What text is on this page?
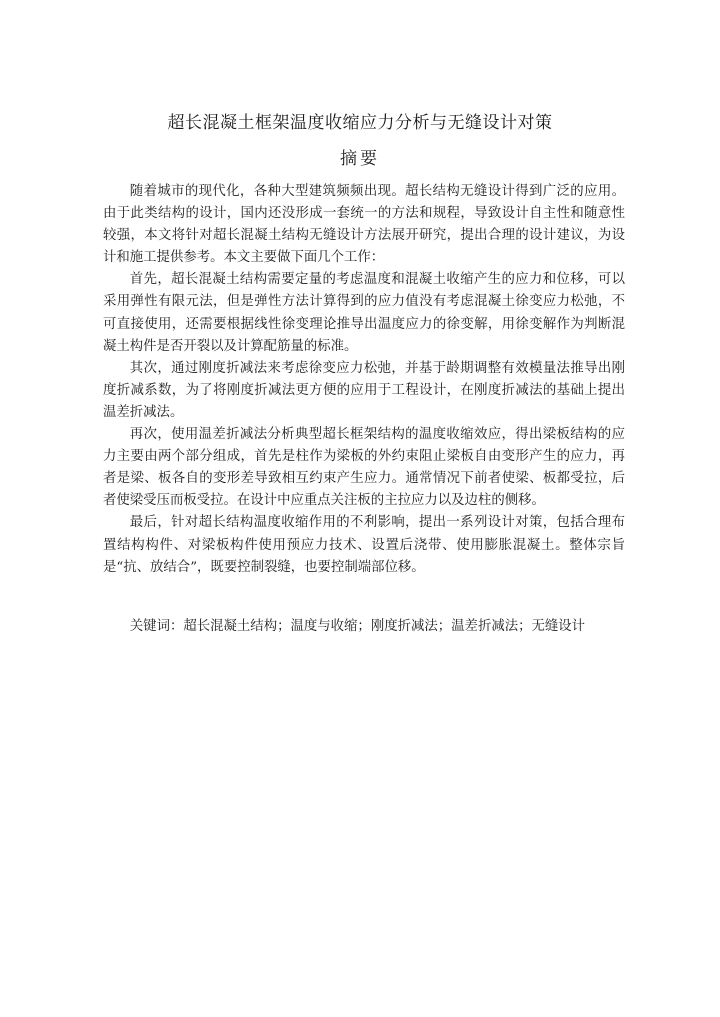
超长混凝土框架温度收缩应力分析与无缝设计对策
摘要

随着城市的现代化，各种大型建筑频频出现。超长结构无缝设计得到广泛的应用。由于此类结构的设计，国内还没形成一套统一的方法和规程，导致设计自主性和随意性较强，本文将针对超长混凝土结构无缝设计方法展开研究，提出合理的设计建议，为设计和施工提供参考。本文主要做下面几个工作：

首先，超长混凝土结构需要定量的考虑温度和混凝土收缩产生的应力和位移，可以采用弹性有限元法，但是弹性方法计算得到的应力值没有考虑混凝土徐变应力松弛，不可直接使用，还需要根据线性徐变理论推导出温度应力的徐变解，用徐变解作为判断混凝土构件是否开裂以及计算配筋量的标准。

其次，通过刚度折减法来考虑徐变应力松弛，并基于龄期调整有效模量法推导出刚度折减系数，为了将刚度折减法更方便的应用于工程设计，在刚度折减法的基础上提出温差折减法。

再次，使用温差折减法分析典型超长框架结构的温度收缩效应，得出梁板结构的应力主要由两个部分组成，首先是柱作为梁板的外约束阻止梁板自由变形产生的应力，再者是梁、板各自的变形差导致相互约束产生应力。通常情况下前者使梁、板都受拉，后者使梁受压而板受拉。在设计中应重点关注板的主拉应力以及边柱的侧移。

最后，针对超长结构温度收缩作用的不利影响，提出一系列设计对策，包括合理布置结构构件、对梁板构件使用预应力技术、设置后浇带、使用膨胀混凝土。整体宗旨是“抗、放结合”，既要控制裂缝，也要控制端部位移。

关键词：超长混凝土结构；温度与收缩；刚度折减法；温差折减法；无缝设计
